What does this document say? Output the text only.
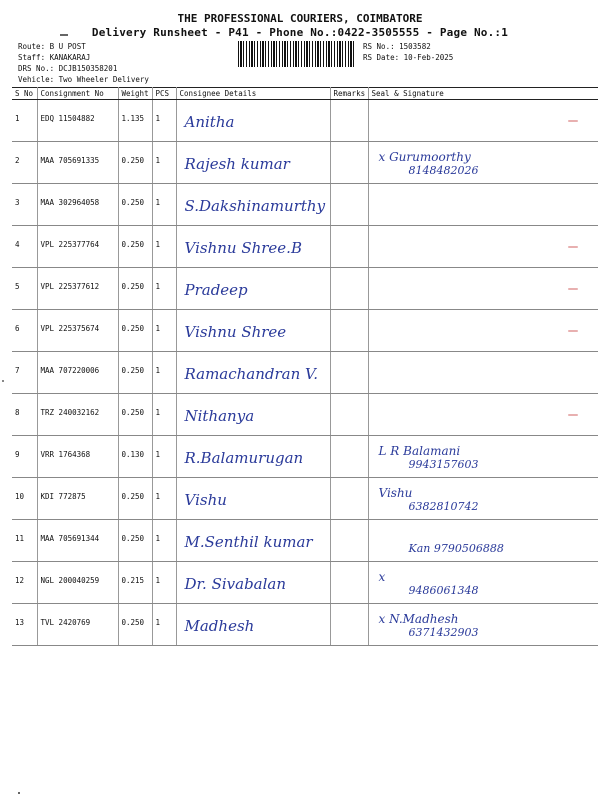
THE PROFESSIONAL COURIERS, COIMBATORE
Delivery Runsheet - P41 - Phone No.:0422-3505555 - Page No.:1
Route: B U POST
Staff: KANAKARAJ
DRS No.: DCJB150358201
Vehicle: Two Wheeler Delivery
RS No.: 1503582
RS Date: 10-Feb-2025
S No	Consignment No	Weight	PCS	Consignee Details	Remarks	Seal & Signature
1	EDQ 11504882	1.135	1	Anitha		

2	MAA 705691335	0.250	1	Rajesh kumar		x Gurumoorthy
8148482026

3	MAA 302964058	0.250	1	S.Dakshinamurthy		

4	VPL 225377764	0.250	1	Vishnu Shree.B		

5	VPL 225377612	0.250	1	Pradeep		

6	VPL 225375674	0.250	1	Vishnu Shree		

7	MAA 707220006	0.250	1	Ramachandran V.		

8	TRZ 240032162	0.250	1	Nithanya		

9	VRR 1764368	0.130	1	R.Balamurugan		L R Balamani
9943157603

10	KDI 772875	0.250	1	Vishu		Vishu
6382810742

11	MAA 705691344	0.250	1	M.Senthil kumar		Kan 9790506888

12	NGL 200040259	0.215	1	Dr. Sivabalan		x
9486061348

13	TVL 2420769	0.250	1	Madhesh		x N.Madhesh
6371432903
